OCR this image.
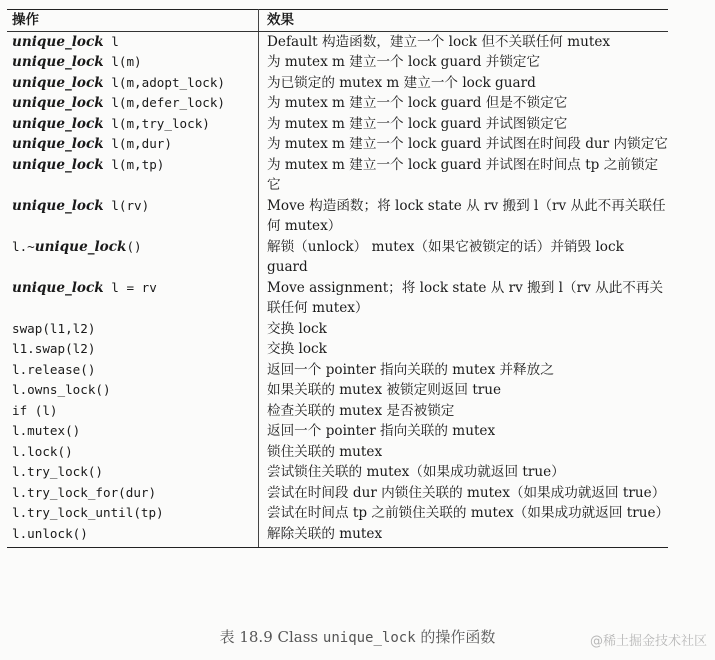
操作	效果
unique_lock l	Default 构造函数，建立一个 lock 但不关联任何 mutex
unique_lock l(m)	为 mutex m 建立一个 lock guard 并锁定它
unique_lock l(m,adopt_lock)	为已锁定的 mutex m 建立一个 lock guard
unique_lock l(m,defer_lock)	为 mutex m 建立一个 lock guard 但是不锁定它
unique_lock l(m,try_lock)	为 mutex m 建立一个 lock guard 并试图锁定它
unique_lock l(m,dur)	为 mutex m 建立一个 lock guard 并试图在时间段 dur 内锁定它
unique_lock l(m,tp)	为 mutex m 建立一个 lock guard 并试图在时间点 tp 之前锁定它
unique_lock l(rv)	Move 构造函数；将 lock state 从 rv 搬到 l（rv 从此不再关联任何 mutex）
l.~unique_lock()	解锁（unlock） mutex（如果它被锁定的话）并销毁 lock guard
unique_lock l = rv	Move assignment；将 lock state 从 rv 搬到 l（rv 从此不再关联任何 mutex）
swap(l1,l2)	交换 lock
l1.swap(l2)	交换 lock
l.release()	返回一个 pointer 指向关联的 mutex 并释放之
l.owns_lock()	如果关联的 mutex 被锁定则返回 true
if (l)	检查关联的 mutex 是否被锁定
l.mutex()	返回一个 pointer 指向关联的 mutex
l.lock()	锁住关联的 mutex
l.try_lock()	尝试锁住关联的 mutex（如果成功就返回 true）
l.try_lock_for(dur)	尝试在时间段 dur 内锁住关联的 mutex（如果成功就返回 true）
l.try_lock_until(tp)	尝试在时间点 tp 之前锁住关联的 mutex（如果成功就返回 true）
l.unlock()	解除关联的 mutex
表 18.9 Class unique_lock 的操作函数	@稀土掘金技术社区
